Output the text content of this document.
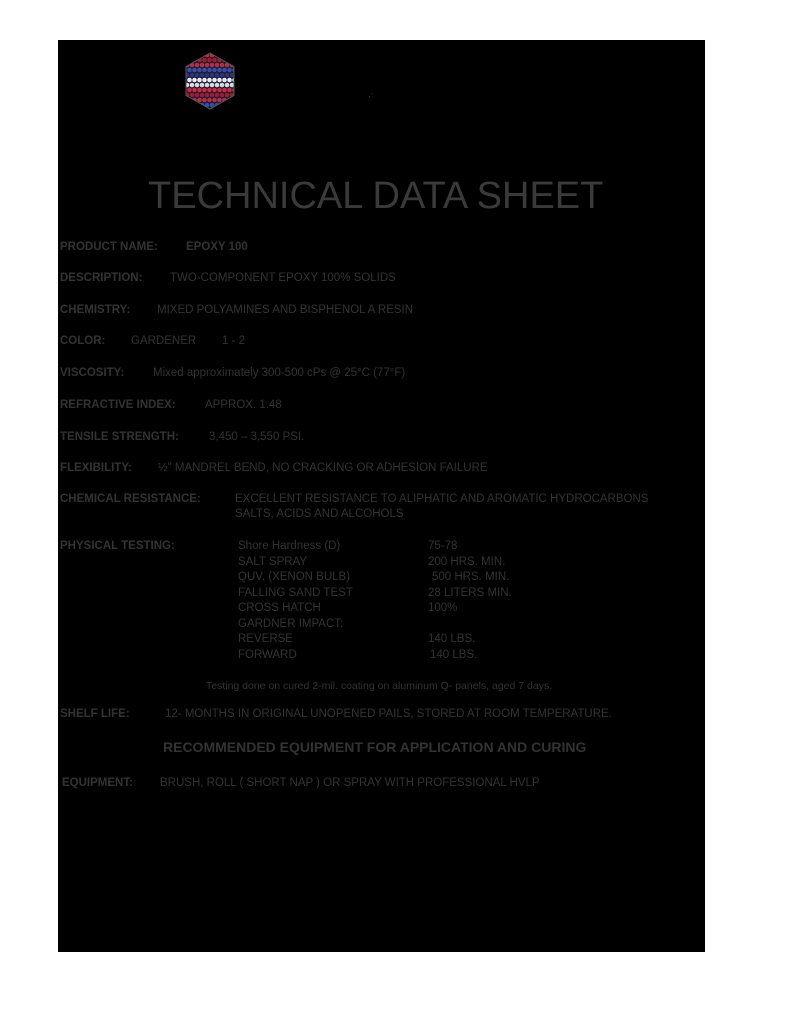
‧˙
TECHNICAL DATA SHEET
PRODUCT NAME: EPOXY 100
DESCRIPTION: TWO-COMPONENT EPOXY 100% SOLIDS
CHEMISTRY: MIXED POLYAMINES AND BISPHENOL A RESIN
COLOR: GARDENER 1 - 2
VISCOSITY: Mixed approximately 300-500 cPs @ 25°C (77°F)
REFRACTIVE INDEX:	APPROX. 1.48
TENSILE STRENGTH:	3,450 – 3,550 PSI.
FLEXIBILITY: ½" MANDREL BEND, NO CRACKING OR ADHESION FAILURE
CHEMICAL RESISTANCE:	EXCELLENT RESISTANCE TO ALIPHATIC AND AROMATIC HYDROCARBONS
SALTS, ACIDS AND ALCOHOLS
PHYSICAL TESTING:	Shore Hardness (D)	75-78
SALT SPRAY	200 HRS. MIN.
QUV. (XENON BULB)	500 HRS. MIN.
FALLING SAND TEST	28 LITERS MIN.
CROSS HATCH	100%
GARDNER IMPACT:
REVERSE	140 LBS.
FORWARD	140 LBS.
Testing done on cured 2-mil. coating on aluminum Q- panels, aged 7 days.
SHELF LIFE:	12- MONTHS IN ORIGINAL UNOPENED PAILS, STORED AT ROOM TEMPERATURE.
RECOMMENDED EQUIPMENT FOR APPLICATION AND CURING
EQUIPMENT: BRUSH, ROLL ( SHORT NAP ) OR SPRAY WITH PROFESSIONAL HVLP
